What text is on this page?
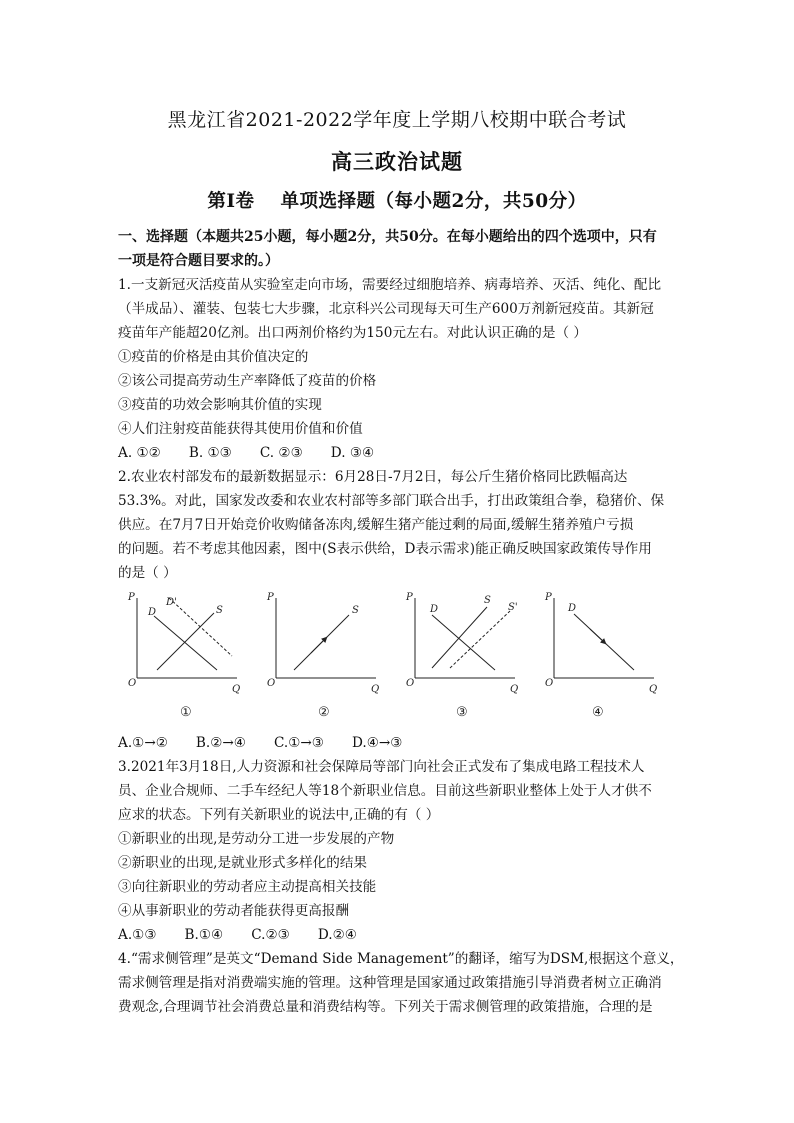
黑龙江省2021-2022学年度上学期八校期中联合考试
高三政治试题
第Ⅰ卷 单项选择题（每小题2分，共50分）
一、选择题（本题共25小题，每小题2分，共50分。在每小题给出的四个选项中，只有
一项是符合题目要求的。）
1.一支新冠灭活疫苗从实验室走向市场，需要经过细胞培养、病毒培养、灭活、纯化、配比
（半成品）、灌装、包装七大步骤，北京科兴公司现每天可生产600万剂新冠疫苗。其新冠
疫苗年产能超20亿剂。出口两剂价格约为150元左右。对此认识正确的是（ ）
①疫苗的价格是由其价值决定的
②该公司提高劳动生产率降低了疫苗的价格
③疫苗的功效会影响其价值的实现
④人们注射疫苗能获得其使用价值和价值
A. ①② B. ①③ C. ②③ D. ③④
2.农业农村部发布的最新数据显示：6月28日-7月2日，每公斤生猪价格同比跌幅高达
53.3%。对此，国家发改委和农业农村部等多部门联合出手，打出政策组合拳，稳猪价、保
供应。在7月7日开始竞价收购储备冻肉,缓解生猪产能过剩的局面,缓解生猪养殖户亏损
的问题。若不考虑其他因素，图中(S表示供给，D表示需求)能正确反映国家政策传导作用
的是（ ）
P
Q
O
D
D'
S
①
P
Q
O
S
②
P
Q
O
D
S
S'
③
P
Q
O
D
④
A.①→② B.②→④ C.①→③ D.④→③
3.2021年3月18日,人力资源和社会保障局等部门向社会正式发布了集成电路工程技术人
员、企业合规师、二手车经纪人等18个新职业信息。目前这些新职业整体上处于人才供不
应求的状态。下列有关新职业的说法中,正确的有（ ）
①新职业的出现,是劳动分工进一步发展的产物
②新职业的出现,是就业形式多样化的结果
③向往新职业的劳动者应主动提高相关技能
④从事新职业的劳动者能获得更高报酬
A.①③ B.①④ C.②③ D.②④
4.“需求侧管理”是英文“Demand Side Management”的翻译，缩写为DSM,根据这个意义，
需求侧管理是指对消费端实施的管理。这种管理是国家通过政策措施引导消费者树立正确消
费观念,合理调节社会消费总量和消费结构等。下列关于需求侧管理的政策措施，合理的是
